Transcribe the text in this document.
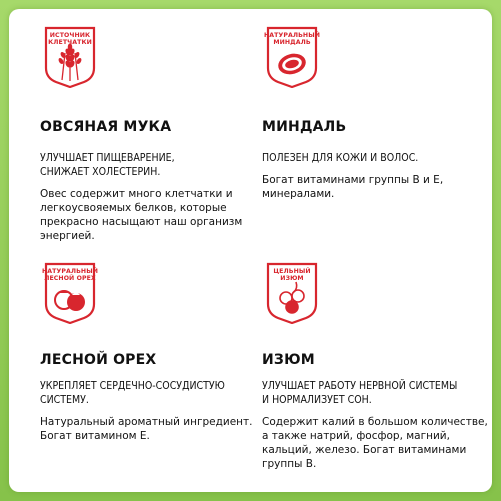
ИСТОЧНИК
КЛЕТЧАТКИ
ОВСЯНАЯ МУКА
УЛУЧШАЕТ ПИЩЕВАРЕНИЕ,
СНИЖАЕТ ХОЛЕСТЕРИН.
Овес содержит много клетчатки и легкоусвояемых белков, которые прекрасно насыщают наш организм энергией.
НАТУРАЛЬНЫЙ
МИНДАЛЬ
МИНДАЛЬ
ПОЛЕЗЕН ДЛЯ КОЖИ И ВОЛОС.
Богат витаминами группы В и Е, минералами.
НАТУРАЛЬНЫЙ
ЛЕСНОЙ ОРЕХ
ЛЕСНОЙ ОРЕХ
УКРЕПЛЯЕТ СЕРДЕЧНО-СОСУДИСТУЮ
СИСТЕМУ.
Натуральный ароматный ингредиент. Богат витамином Е.
ЦЕЛЬНЫЙ
ИЗЮМ
ИЗЮМ
УЛУЧШАЕТ РАБОТУ НЕРВНОЙ СИСТЕМЫ
И НОРМАЛИЗУЕТ СОН.
Содержит калий в большом количестве, а также натрий, фосфор, магний, кальций, железо. Богат витаминами группы В.
